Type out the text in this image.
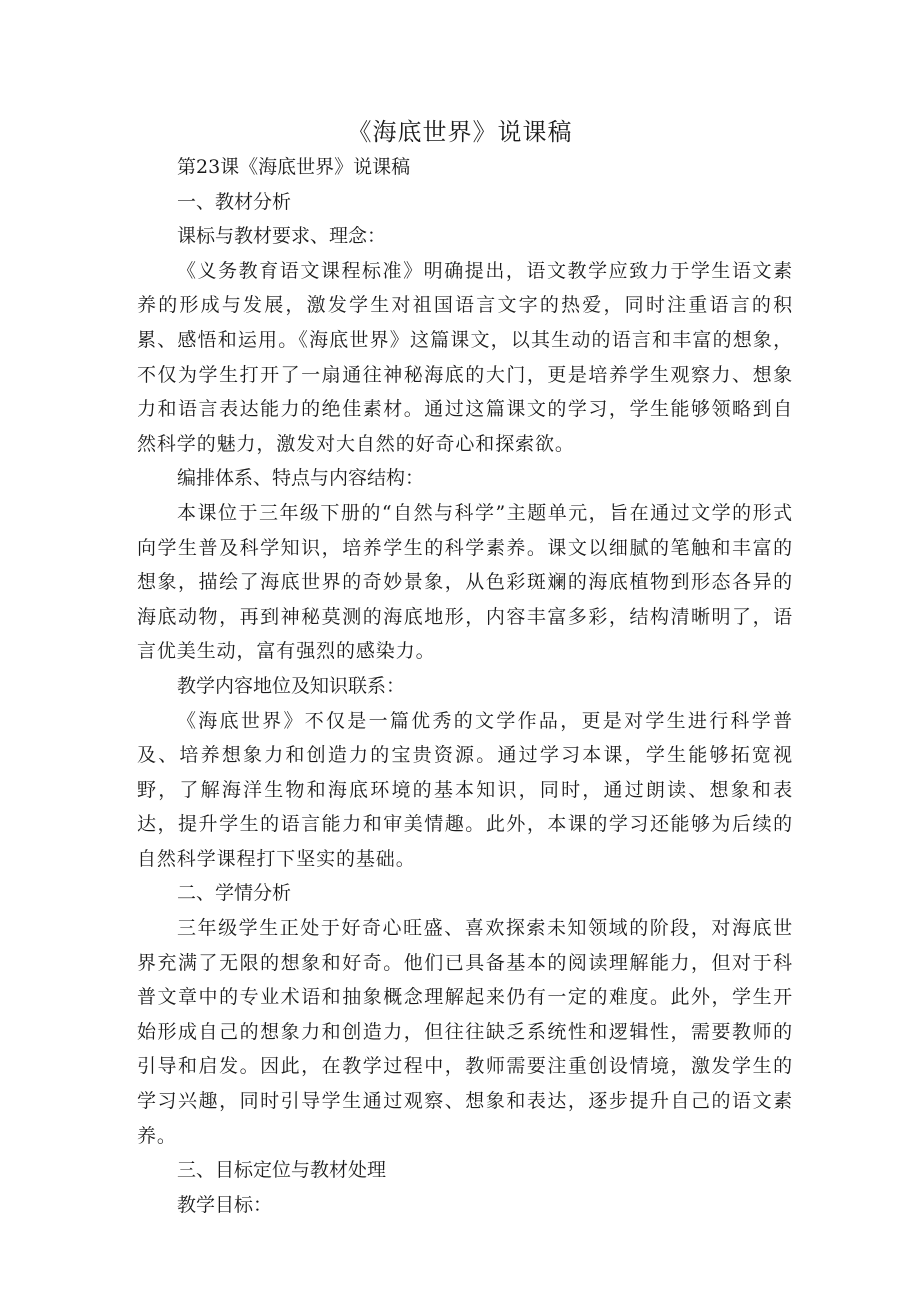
《海底世界》说课稿

第23课《海底世界》说课稿

一、教材分析

课标与教材要求、理念：

《义务教育语文课程标准》明确提出，语文教学应致力于学生语文素养的形成与发展，激发学生对祖国语言文字的热爱，同时注重语言的积累、感悟和运用。《海底世界》这篇课文，以其生动的语言和丰富的想象，不仅为学生打开了一扇通往神秘海底的大门，更是培养学生观察力、想象力和语言表达能力的绝佳素材。通过这篇课文的学习，学生能够领略到自然科学的魅力，激发对大自然的好奇心和探索欲。

编排体系、特点与内容结构：

本课位于三年级下册的“自然与科学”主题单元，旨在通过文学的形式向学生普及科学知识，培养学生的科学素养。课文以细腻的笔触和丰富的想象，描绘了海底世界的奇妙景象，从色彩斑斓的海底植物到形态各异的海底动物，再到神秘莫测的海底地形，内容丰富多彩，结构清晰明了，语言优美生动，富有强烈的感染力。

教学内容地位及知识联系：

《海底世界》不仅是一篇优秀的文学作品，更是对学生进行科学普及、培养想象力和创造力的宝贵资源。通过学习本课，学生能够拓宽视野，了解海洋生物和海底环境的基本知识，同时，通过朗读、想象和表达，提升学生的语言能力和审美情趣。此外，本课的学习还能够为后续的自然科学课程打下坚实的基础。

二、学情分析

三年级学生正处于好奇心旺盛、喜欢探索未知领域的阶段，对海底世界充满了无限的想象和好奇。他们已具备基本的阅读理解能力，但对于科普文章中的专业术语和抽象概念理解起来仍有一定的难度。此外，学生开始形成自己的想象力和创造力，但往往缺乏系统性和逻辑性，需要教师的引导和启发。因此，在教学过程中，教师需要注重创设情境，激发学生的学习兴趣，同时引导学生通过观察、想象和表达，逐步提升自己的语文素养。

三、目标定位与教材处理

教学目标：
